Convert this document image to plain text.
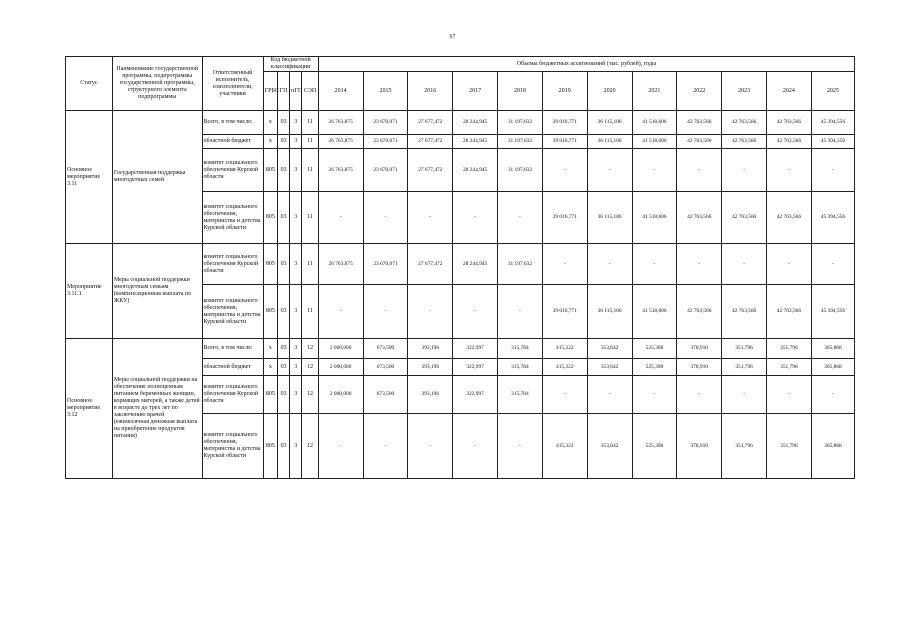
67
Статус	Наименование государственной программы, подпрограммы государственной программы, структурного элемента подпрограммы	Ответственный исполнитель, соисполнители, участники	Код бюджетной классификации				Объемы бюджетных ассигнований (тыс. рублей), годы											

			ГРБС	ГП	пГП	СЭП	2014	2015	2016	2017	2018	2019	2020	2021	2022	2023	2024	2025
Основное мероприятие 3.11	Государственная поддержка многодетных семей	Всего, в том числе:	х	03	3	11	26 763,875	23 670,071	27 677,472	28 244,945	31 197,632	39 016,771	36 115,106	41 518,606	42 763,566	42 763,566	42 763,566	45 394,556
		областной бюджет	х	03	3	11	26 763,875	23 670,071	27 677,472	28 244,945	31 197,632	39 016,771	36 115,106	41 518,606	42 763,566	42 763,566	42 763,566	45 394,556
		комитет социального обеспечения Курской области	805	03	3	11	26 763,875	23 670,071	27 677,472	28 244,945	31 197,632	-	-	-	-	-	-	-
		комитет социального обеспечения, материнства и детства Курской области	805	03	3	11	-	-	-	-	-	39 016,771	36 115,106	41 518,606	42 763,566	42 763,566	42 763,566	45 394,556
Мероприятие 3.11.1	Меры социальной поддержки многодетным семьям (компенсационная выплата по ЖКУ)	комитет социального обеспечения Курской области	805	03	3	11	26 763,875	23 670,071	27 677,472	28 244,945	31 197,632	-	-	-	-	-	-	-
		комитет социального обеспечения, материнства и детства Курской области	805	03	3	11	-	-	-	-	-	39 016,771	36 115,106	41 518,606	42 763,566	42 763,566	42 763,566	45 394,556
Основное мероприятие 3.12	Меры социальной поддержки на обеспечение полноценным питанием беременных женщин, кормящих матерей, а также детей в возрасте до трех лет по заключению врачей (ежемесячная денежная выплата на приобретение продуктов питания)	Всего, в том числе:	х	03	3	12	2 000,000	673,500	393,196	322,997	315,784	415,322	353,642	525,398	378,910	351,796	351,796	365,868
		областной бюджет	х	03	3	12	2 000,000	673,500	393,196	322,997	315,784	415,322	353,642	525,398	378,910	351,796	351,796	365,868
		комитет социального обеспечения Курской области	805	03	3	12	2 000,000	673,500	393,196	322,997	315,784	-	-	-	-	-	-	-
		комитет социального обеспечения, материнства и детства Курской области	805	03	3	12	-	-	-	-	-	415,322	353,642	525,398	378,910	351,796	351,796	365,868
